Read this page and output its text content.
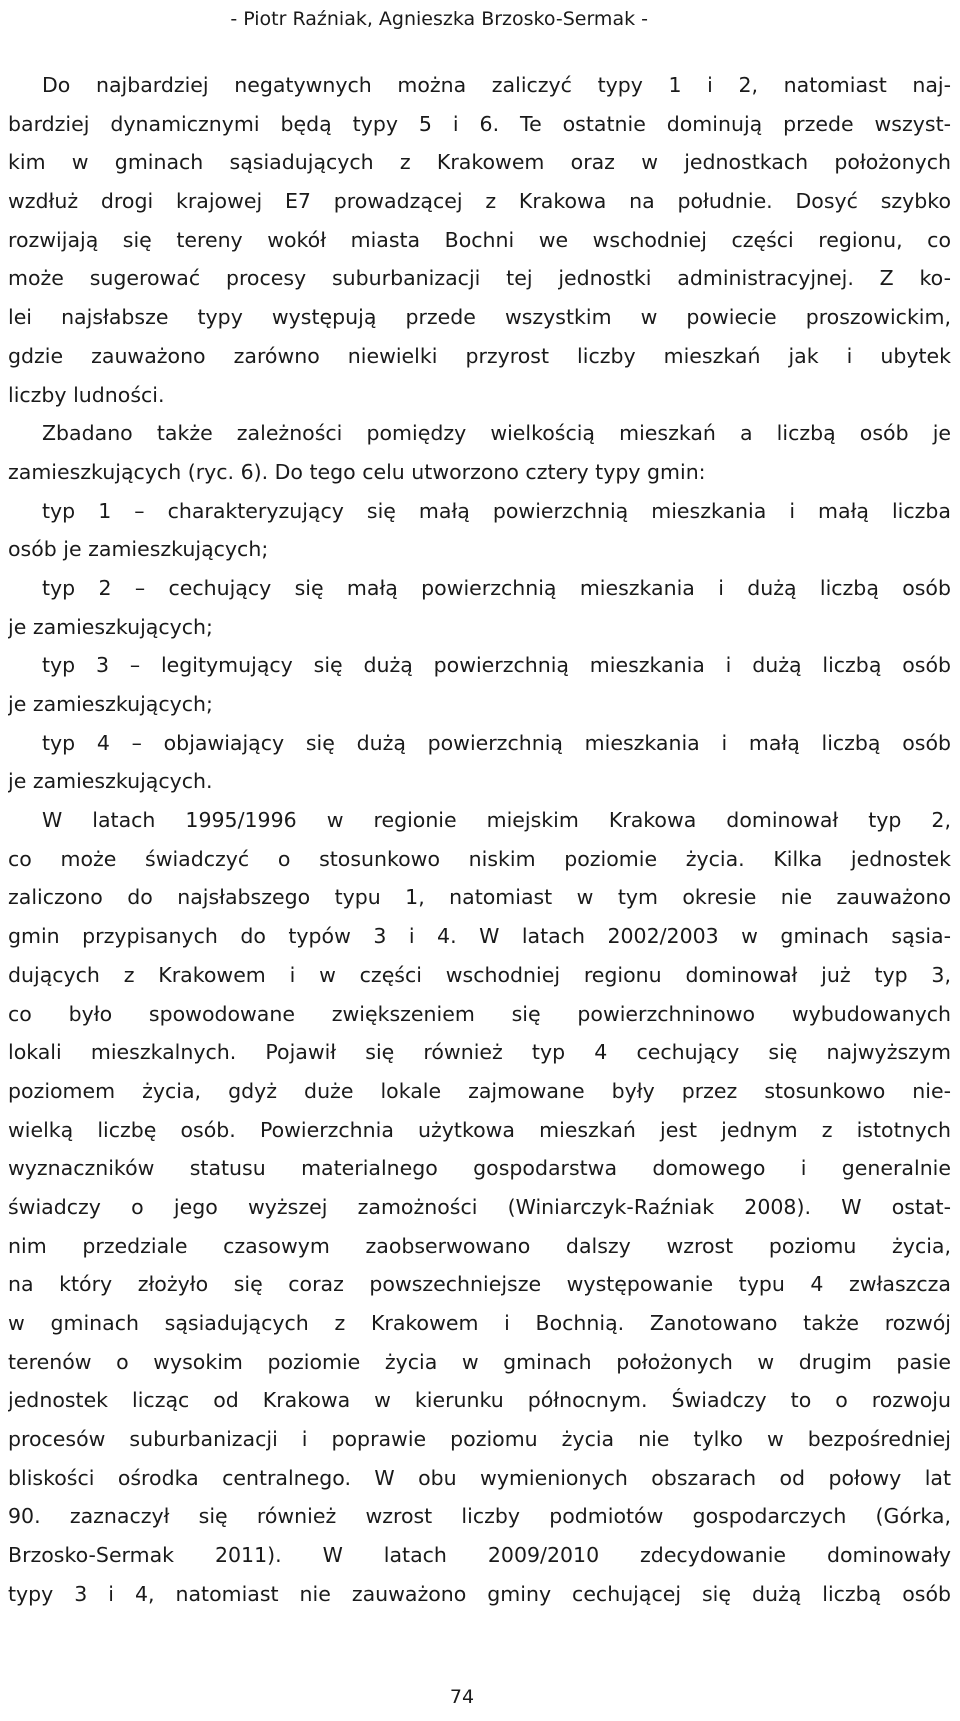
- Piotr Raźniak, Agnieszka Brzosko-Sermak -
Do najbardziej negatywnych można zaliczyć typy 1 i 2, natomiast naj-
bardziej dynamicznymi będą typy 5 i 6. Te ostatnie dominują przede wszyst-
kim w gminach sąsiadujących z Krakowem oraz w jednostkach położonych
wzdłuż drogi krajowej E7 prowadzącej z Krakowa na południe. Dosyć szybko
rozwijają się tereny wokół miasta Bochni we wschodniej części regionu, co
może sugerować procesy suburbanizacji tej jednostki administracyjnej. Z ko-
lei najsłabsze typy występują przede wszystkim w powiecie proszowickim,
gdzie zauważono zarówno niewielki przyrost liczby mieszkań jak i ubytek
liczby ludności.
Zbadano także zależności pomiędzy wielkością mieszkań a liczbą osób je
zamieszkujących (ryc. 6). Do tego celu utworzono cztery typy gmin:
typ 1 – charakteryzujący się małą powierzchnią mieszkania i małą liczba
osób je zamieszkujących;
typ 2 – cechujący się małą powierzchnią mieszkania i dużą liczbą osób
je zamieszkujących;
typ 3 – legitymujący się dużą powierzchnią mieszkania i dużą liczbą osób
je zamieszkujących;
typ 4 – objawiający się dużą powierzchnią mieszkania i małą liczbą osób
je zamieszkujących.
W latach 1995/1996 w regionie miejskim Krakowa dominował typ 2,
co może świadczyć o stosunkowo niskim poziomie życia. Kilka jednostek
zaliczono do najsłabszego typu 1, natomiast w tym okresie nie zauważono
gmin przypisanych do typów 3 i 4. W latach 2002/2003 w gminach sąsia-
dujących z Krakowem i w części wschodniej regionu dominował już typ 3,
co było spowodowane zwiększeniem się powierzchninowo wybudowanych
lokali mieszkalnych. Pojawił się również typ 4 cechujący się najwyższym
poziomem życia, gdyż duże lokale zajmowane były przez stosunkowo nie-
wielką liczbę osób. Powierzchnia użytkowa mieszkań jest jednym z istotnych
wyznaczników statusu materialnego gospodarstwa domowego i generalnie
świadczy o jego wyższej zamożności (Winiarczyk-Raźniak 2008). W ostat-
nim przedziale czasowym zaobserwowano dalszy wzrost poziomu życia,
na który złożyło się coraz powszechniejsze występowanie typu 4 zwłaszcza
w gminach sąsiadujących z Krakowem i Bochnią. Zanotowano także rozwój
terenów o wysokim poziomie życia w gminach położonych w drugim pasie
jednostek licząc od Krakowa w kierunku północnym. Świadczy to o rozwoju
procesów suburbanizacji i poprawie poziomu życia nie tylko w bezpośredniej
bliskości ośrodka centralnego. W obu wymienionych obszarach od połowy lat
90. zaznaczył się również wzrost liczby podmiotów gospodarczych (Górka,
Brzosko-Sermak 2011). W latach 2009/2010 zdecydowanie dominowały
typy 3 i 4, natomiast nie zauważono gminy cechującej się dużą liczbą osób
74
